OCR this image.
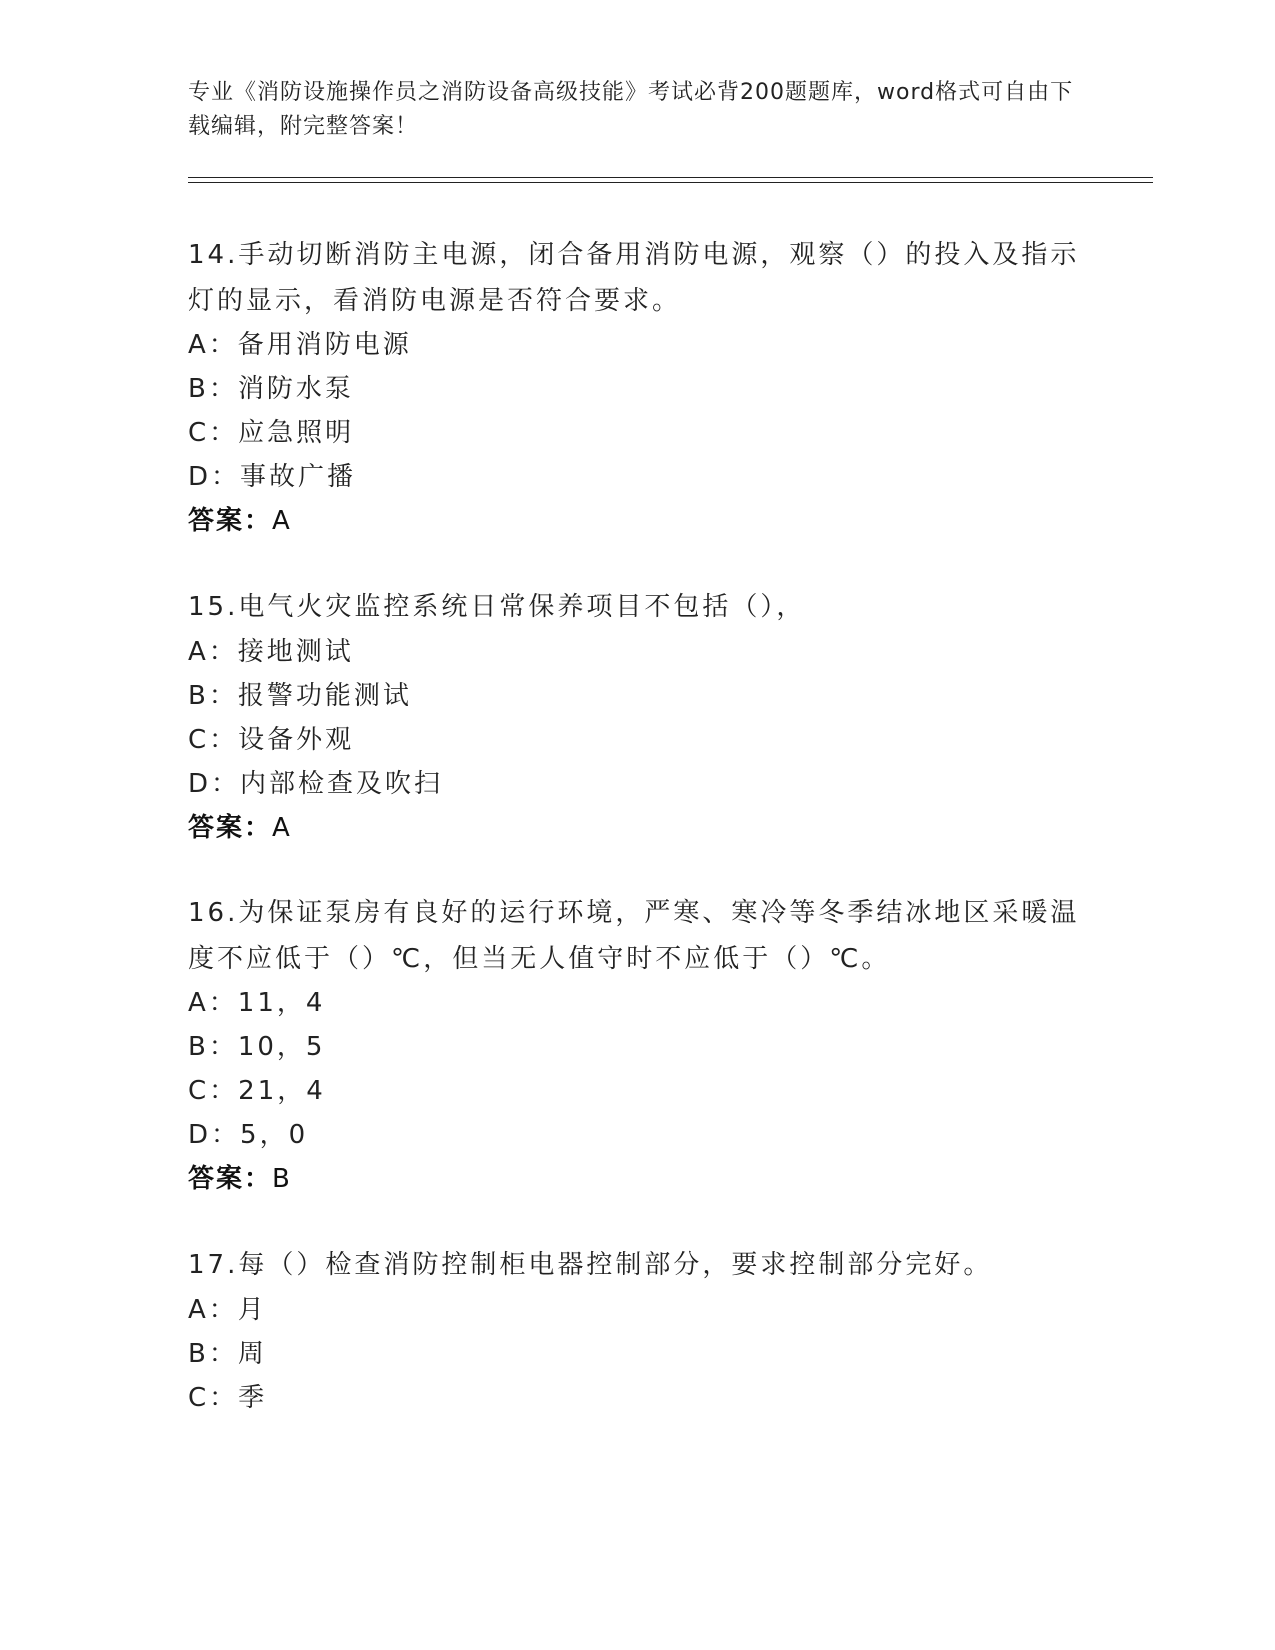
专业《消防设施操作员之消防设备高级技能》考试必背200题题库，word格式可自由下载编辑，附完整答案！
14.手动切断消防主电源，闭合备用消防电源，观察（）的投入及指示灯的显示，看消防电源是否符合要求。
A：备用消防电源
B：消防水泵
C：应急照明
D：事故广播
答案：A
15.电气火灾监控系统日常保养项目不包括（），
A：接地测试
B：报警功能测试
C：设备外观
D：内部检查及吹扫
答案：A
16.为保证泵房有良好的运行环境，严寒、寒冷等冬季结冰地区采暖温度不应低于（）℃，但当无人值守时不应低于（）℃。
A：11，4
B：10，5
C：21，4
D：5，0
答案：B
17.每（）检查消防控制柜电器控制部分，要求控制部分完好。
A：月
B：周
C：季
